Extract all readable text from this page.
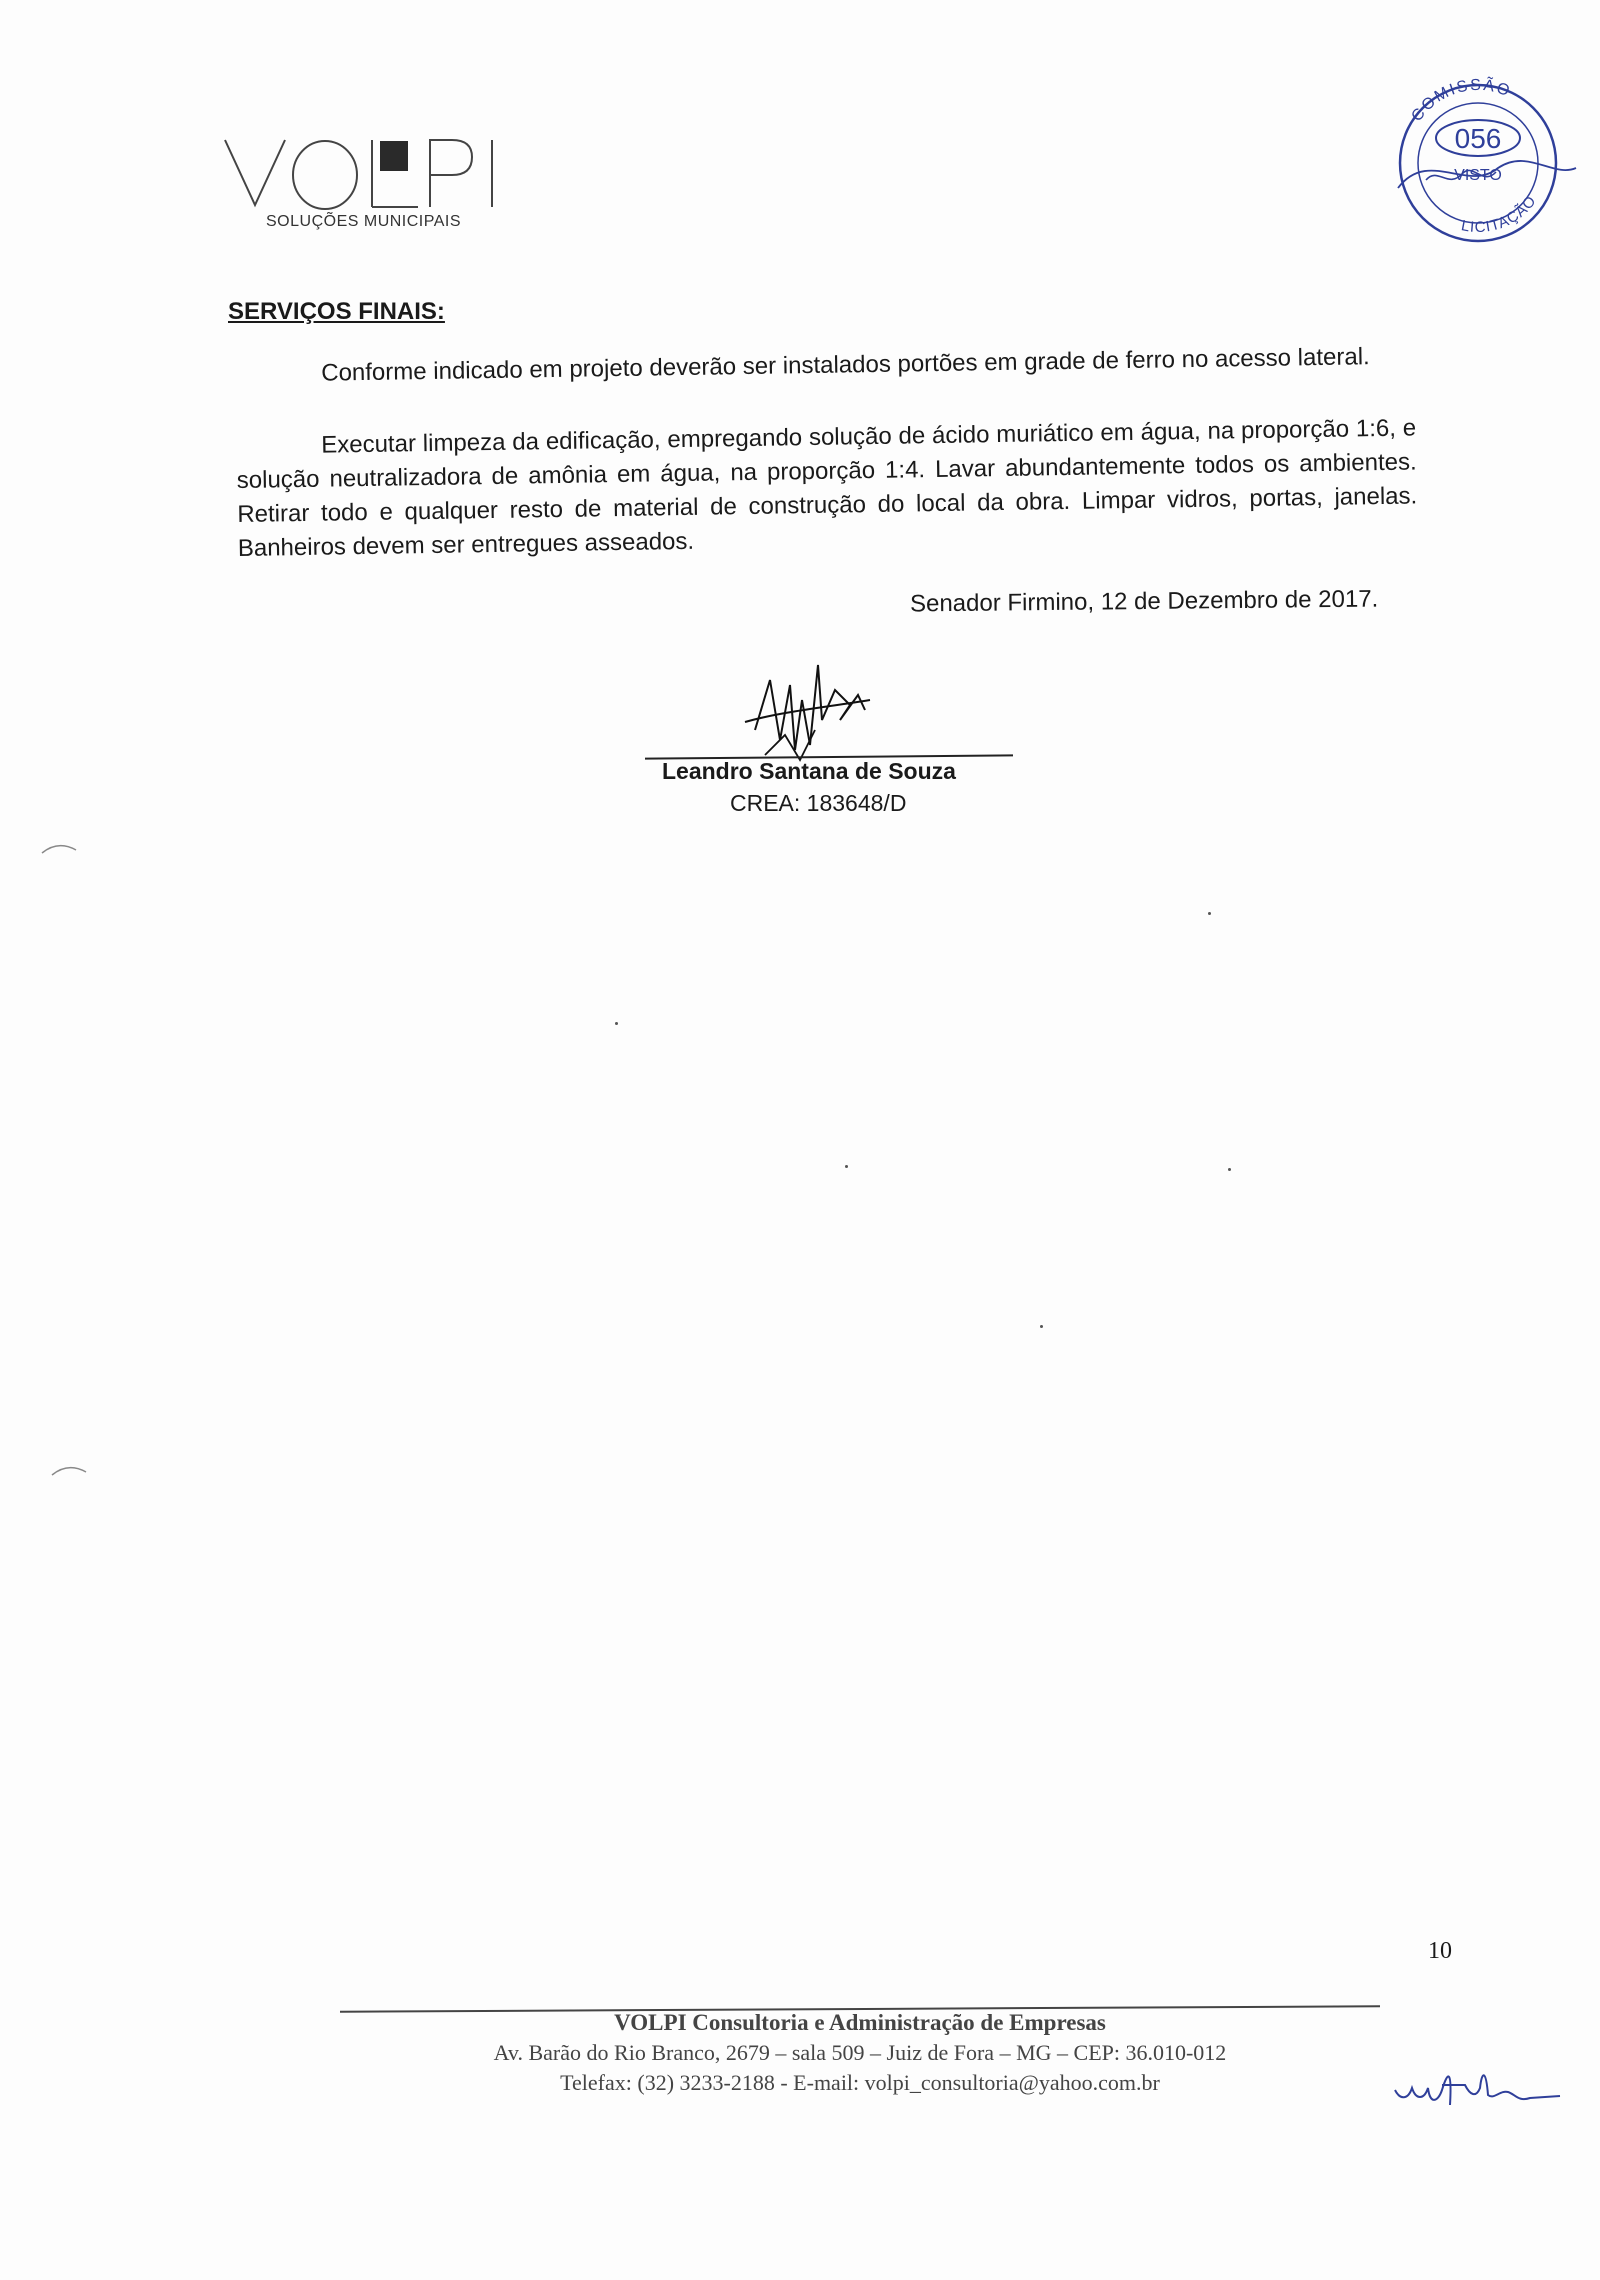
SOLUÇÕES MUNICIPAIS
COMISSÃO
056
VISTO
LICITAÇÃO
SERVIÇOS FINAIS:
Conforme indicado em projeto deverão ser instalados portões em grade de ferro no acesso lateral.
Executar limpeza da edificação, empregando solução de ácido muriático em água, na proporção 1:6, e solução neutralizadora de amônia em água, na proporção 1:4. Lavar abundantemente todos os ambientes. Retirar todo e qualquer resto de material de construção do local da obra. Limpar vidros, portas, janelas. Banheiros devem ser entregues asseados.
Senador Firmino, 12 de Dezembro de 2017.
Leandro Santana de Souza
CREA: 183648/D
10
VOLPI Consultoria e Administração de Empresas
Av. Barão do Rio Branco, 2679 – sala 509 – Juiz de Fora – MG – CEP: 36.010-012
Telefax: (32) 3233-2188 - E-mail: volpi_consultoria@yahoo.com.br
